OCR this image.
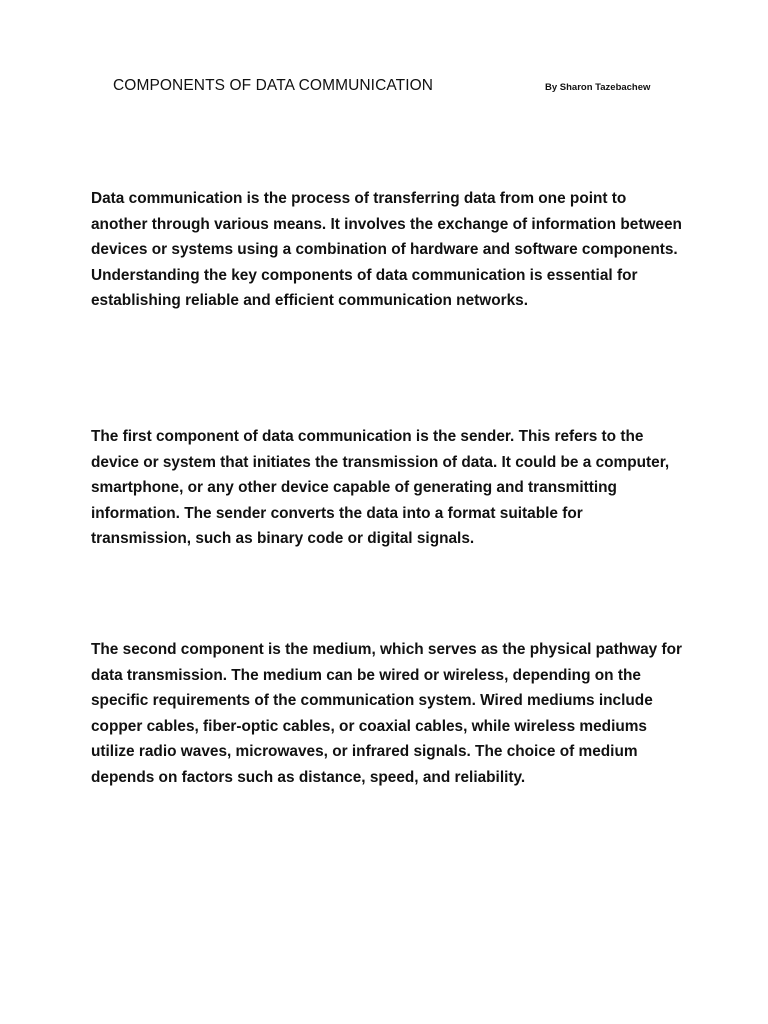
COMPONENTS OF DATA COMMUNICATION	By Sharon Tazebachew

Data communication is the process of transferring data from one point to another through various means. It involves the exchange of information between devices or systems using a combination of hardware and software components. Understanding the key components of data communication is essential for establishing reliable and efficient communication networks.

The first component of data communication is the sender. This refers to the device or system that initiates the transmission of data. It could be a computer, smartphone, or any other device capable of generating and transmitting information. The sender converts the data into a format suitable for transmission, such as binary code or digital signals.

The second component is the medium, which serves as the physical pathway for data transmission. The medium can be wired or wireless, depending on the specific requirements of the communication system. Wired mediums include copper cables, fiber-optic cables, or coaxial cables, while wireless mediums utilize radio waves, microwaves, or infrared signals. The choice of medium depends on factors such as distance, speed, and reliability.
